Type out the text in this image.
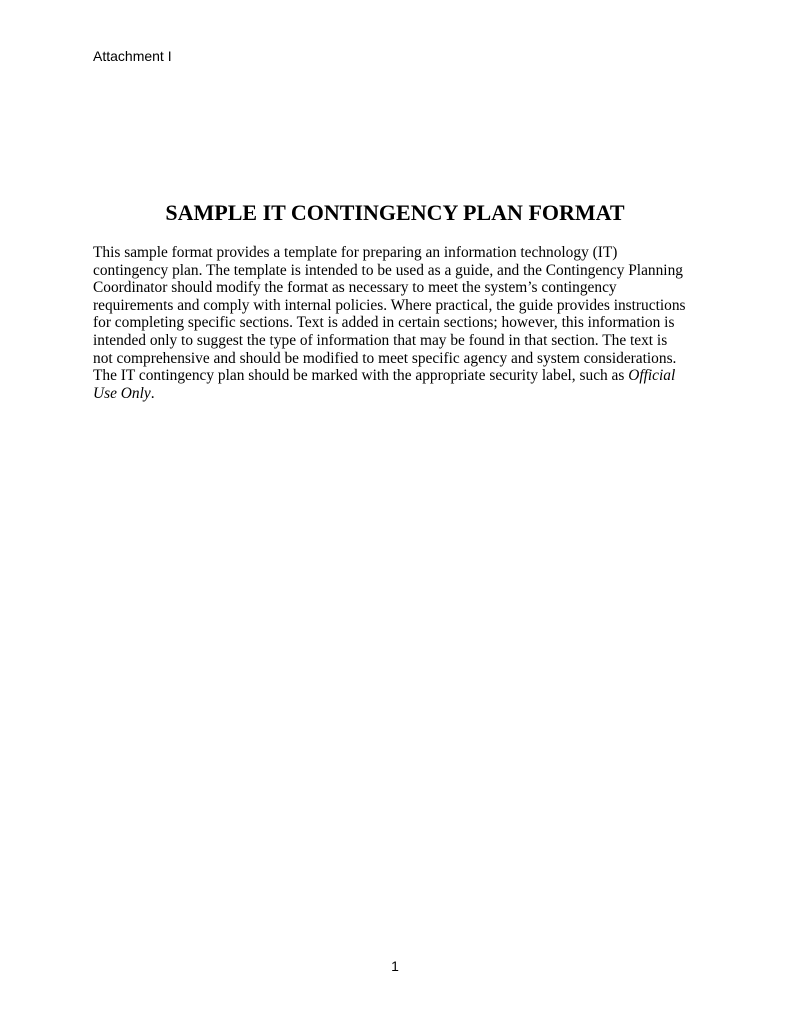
Attachment I
SAMPLE IT CONTINGENCY PLAN FORMAT
This sample format provides a template for preparing an information technology (IT)
contingency plan. The template is intended to be used as a guide, and the Contingency Planning
Coordinator should modify the format as necessary to meet the system’s contingency
requirements and comply with internal policies. Where practical, the guide provides instructions
for completing specific sections. Text is added in certain sections; however, this information is
intended only to suggest the type of information that may be found in that section. The text is
not comprehensive and should be modified to meet specific agency and system considerations.
The IT contingency plan should be marked with the appropriate security label, such as Official
Use Only.
1
